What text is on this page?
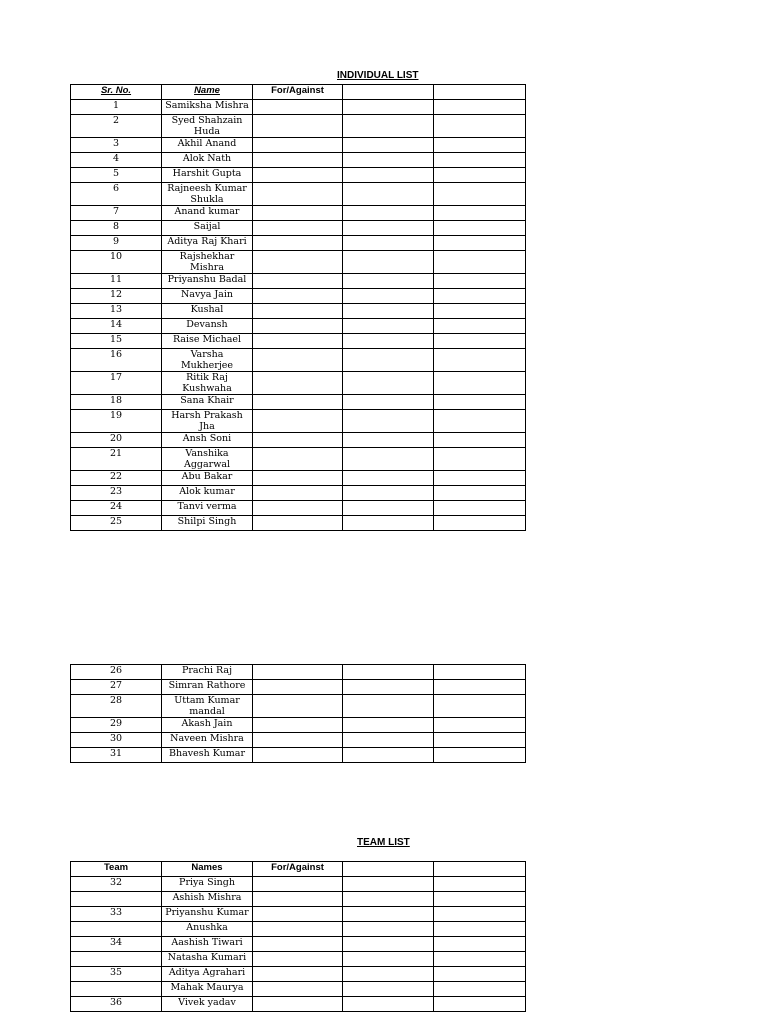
INDIVIDUAL LIST
Sr. No.	Name	For/Against		
1	Samiksha Mishra			
2	Syed Shahzain Huda			
3	Akhil Anand			
4	Alok Nath			
5	Harshit Gupta			
6	Rajneesh Kumar Shukla			
7	Anand kumar			
8	Saijal			
9	Aditya Raj Khari			
10	Rajshekhar Mishra			
11	Priyanshu Badal			
12	Navya Jain			
13	Kushal			
14	Devansh			
15	Raise Michael			
16	Varsha Mukherjee			
17	Ritik Raj Kushwaha			
18	Sana Khair			
19	Harsh Prakash Jha			
20	Ansh Soni			
21	Vanshika Aggarwal			
22	Abu Bakar			
23	Alok kumar			
24	Tanvi verma			
25	Shilpi Singh			
26	Prachi Raj			
27	Simran Rathore			
28	Uttam Kumar mandal			
29	Akash Jain			
30	Naveen Mishra			
31	Bhavesh Kumar			
TEAM LIST
Team	Names	For/Against		
32	Priya Singh			
	Ashish Mishra			
33	Priyanshu Kumar			
	Anushka			
34	Aashish Tiwari			
	Natasha Kumari			
35	Aditya Agrahari			
	Mahak Maurya			
36	Vivek yadav			
